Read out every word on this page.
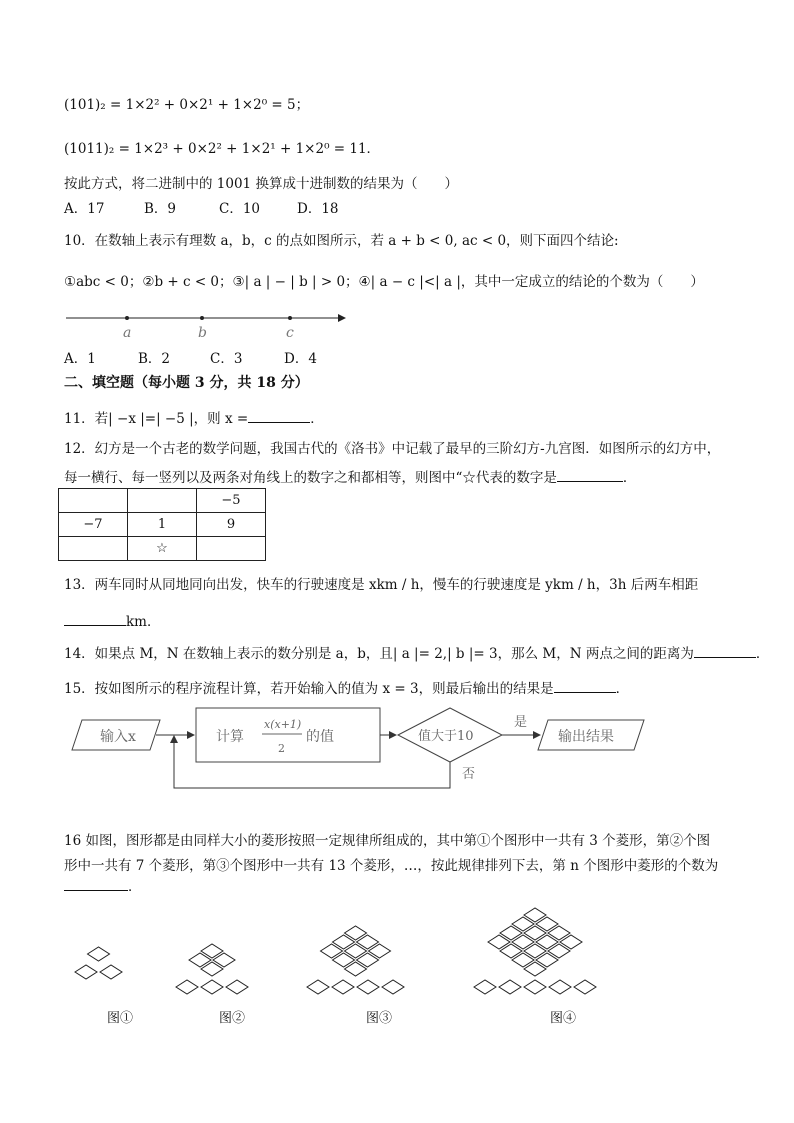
(101)₂ = 1×2² + 0×2¹ + 1×2⁰ = 5；
(1011)₂ = 1×2³ + 0×2² + 1×2¹ + 1×2⁰ = 11．
按此方式，将二进制中的 1001 换算成十进制数的结果为（　　）
A．17	B．9	C．10	D．18
10．在数轴上表示有理数 a，b，c 的点如图所示，若 a + b < 0, ac < 0，则下面四个结论:
①abc < 0；②b + c < 0；③| a | − | b | > 0；④| a − c |<| a |，其中一定成立的结论的个数为（　　）
a	b	c
A．1	B．2	C．3	D．4
二、填空题（每小题 3 分，共 18 分）
11．若| −x |=| −5 |，则 x =	．
12．幻方是一个古老的数学问题，我国古代的《洛书》中记载了最早的三阶幻方-九宫图．如图所示的幻方中，
每一横行、每一竖列以及两条对角线上的数字之和都相等，则图中“☆代表的数字是	．
		−5
−7	1	9
	☆	
13．两车同时从同地同向出发，快车的行驶速度是 xkm / h，慢车的行驶速度是 ykm / h，3h 后两车相距
km．
14．如果点 M，N 在数轴上表示的数分别是 a，b，且| a |= 2,| b |= 3，那么 M，N 两点之间的距离为	．
15．按如图所示的程序流程计算，若开始输入的值为 x = 3，则最后输出的结果是	．
输入x	计算
x(x+1)
2
的值	值大于10
是
输出结果
否
16 如图，图形都是由同样大小的菱形按照一定规律所组成的，其中第①个图形中一共有 3 个菱形，第②个图
形中一共有 7 个菱形，第③个图形中一共有 13 个菱形，…，按此规律排列下去，第 n 个图形中菱形的个数为
．
图①	图②	图③	图④
